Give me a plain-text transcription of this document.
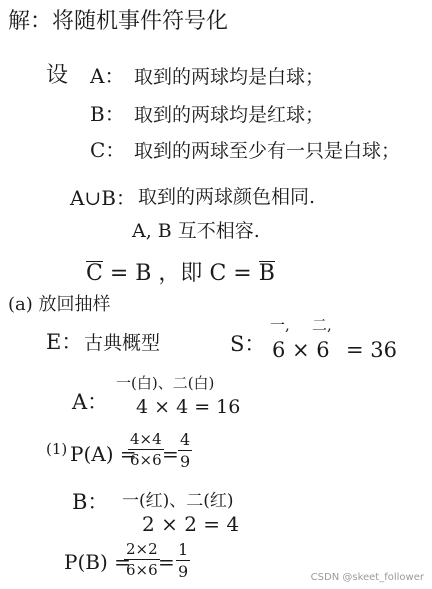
解：将随机事件符号化
设 A： 取到的两球均是白球；
B： 取到的两球均是红球；
C： 取到的两球至少有一只是白球；
A∪B： 取到的两球颜色相同.
A, B 互不相容.
C = B ，即 C = B
(a) 放回抽样
E： 古典概型	S：
一, 二,
6 × 6 = 36
A：
一(白)、二(白)
4 × 4 = 16
(1) P(A) =
$\frac{4\times 4}{6\times 6}$
= $\frac{4}{9}$
B： 一(红)、二(红)
2 × 2 = 4
P(B) =
$\frac{2\times 2}{6\times 6}$
= $\frac{1}{9}$	CSDN @skeet_follower
